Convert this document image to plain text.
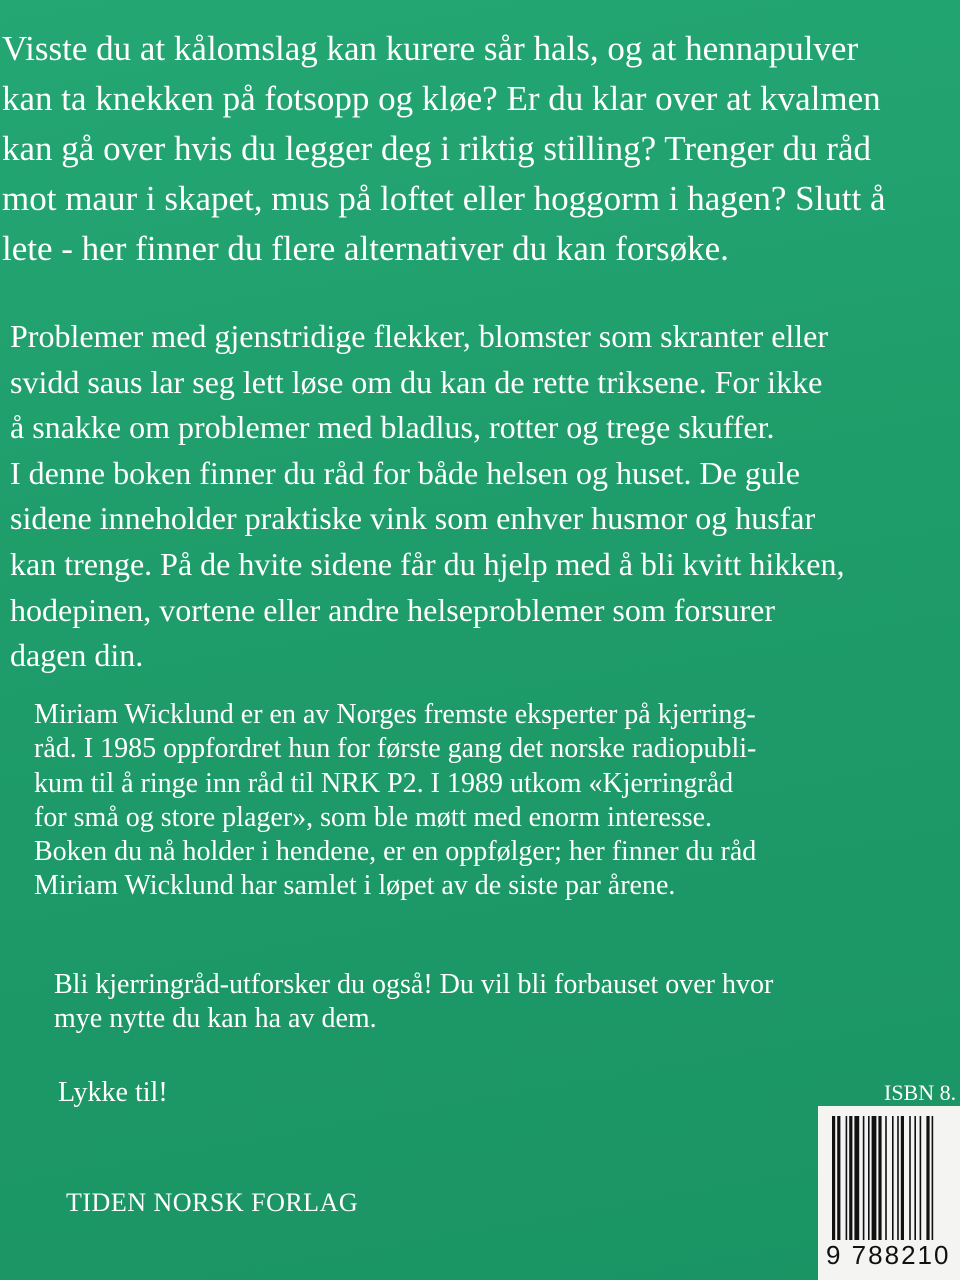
Visste du at kålomslag kan kurere sår hals, og at hennapulver
kan ta knekken på fotsopp og kløe? Er du klar over at kvalmen
kan gå over hvis du legger deg i riktig stilling? Trenger du råd
mot maur i skapet, mus på loftet eller hoggorm i hagen? Slutt å
lete - her finner du flere alternativer du kan forsøke.
Problemer med gjenstridige flekker, blomster som skranter eller
svidd saus lar seg lett løse om du kan de rette triksene. For ikke
å snakke om problemer med bladlus, rotter og trege skuffer.
I denne boken finner du råd for både helsen og huset. De gule
sidene inneholder praktiske vink som enhver husmor og husfar
kan trenge. På de hvite sidene får du hjelp med å bli kvitt hikken,
hodepinen, vortene eller andre helseproblemer som forsurer
dagen din.
Miriam Wicklund er en av Norges fremste eksperter på kjerring-
råd. I 1985 oppfordret hun for første gang det norske radiopubli-
kum til å ringe inn råd til NRK P2. I 1989 utkom «Kjerringråd
for små og store plager», som ble møtt med enorm interesse.
Boken du nå holder i hendene, er en oppfølger; her finner du råd
Miriam Wicklund har samlet i løpet av de siste par årene.
Bli kjerringråd-utforsker du også! Du vil bli forbauset over hvor
mye nytte du kan ha av dem.
Lykke til!	ISBN 8.
TIDEN NORSK FORLAG
9 788210
